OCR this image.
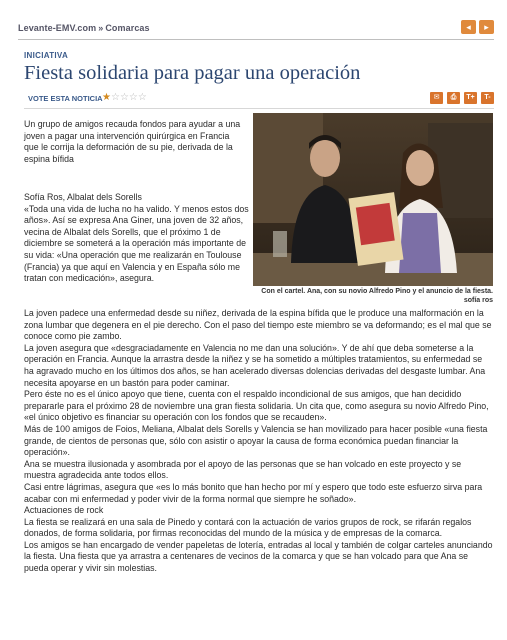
Levante-EMV.com » Comarcas	◂	▸
INICIATIVA
Fiesta solidaria para pagar una operación
VOTE ESTA NOTICIA ★☆☆☆☆	✉	⎙	T+	T-
Un grupo de amigos recauda fondos para ayudar a una joven a pagar una intervención quirúrgica en Francia que le corrija la deformación de su pie, derivada de la espina bífida

Sofía Ros, Albalat dels Sorells

«Toda una vida de lucha no ha valido. Y menos estos dos años». Así se expresa Ana Giner, una joven de 32 años, vecina de Albalat dels Sorells, que el próximo 1 de diciembre se someterá a la operación más importante de su vida: «Una operación que me realizarán en Toulouse (Francia) ya que aquí en Valencia y en España sólo me tratan con medicación», asegura.

Con el cartel. Ana, con su novio Alfredo Pino y el anuncio de la fiesta. sofía ros

La joven padece una enfermedad desde su niñez, derivada de la espina bífida que le produce una malformación en la zona lumbar que degenera en el pie derecho. Con el paso del tiempo este miembro se va deformando; es el mal que se conoce como pie zambo.

La joven asegura que «desgraciadamente en Valencia no me dan una solución». Y de ahí que deba someterse a la operación en Francia. Aunque la arrastra desde la niñez y se ha sometido a múltiples tratamientos, su enfermedad se ha agravado mucho en los últimos dos años, se han acelerado diversas dolencias derivadas del desgaste lumbar. Ana necesita apoyarse en un bastón para poder caminar.

Pero éste no es el único apoyo que tiene, cuenta con el respaldo incondicional de sus amigos, que han decidido prepararle para el próximo 28 de noviembre una gran fiesta solidaria. Un cita que, como asegura su novio Alfredo Pino, «el único objetivo es financiar su operación con los fondos que se recauden».

Más de 100 amigos de Foios, Meliana, Albalat dels Sorells y Valencia se han movilizado para hacer posible «una fiesta grande, de cientos de personas que, sólo con asistir o apoyar la causa de forma económica puedan financiar la operación».

Ana se muestra ilusionada y asombrada por el apoyo de las personas que se han volcado en este proyecto y se muestra agradecida ante todos ellos.

Casi entre lágrimas, asegura que «es lo más bonito que han hecho por mí y espero que todo este esfuerzo sirva para acabar con mi enfermedad y poder vivir de la forma normal que siempre he soñado».

Actuaciones de rock

La fiesta se realizará en una sala de Pinedo y contará con la actuación de varios grupos de rock, se rifarán regalos donados, de forma solidaria, por firmas reconocidas del mundo de la música y de empresas de la comarca.

Los amigos se han encargado de vender papeletas de lotería, entradas al local y también de colgar carteles anunciando la fiesta. Una fiesta que ya arrastra a centenares de vecinos de la comarca y que se han volcado para que Ana se pueda operar y vivir sin molestias.
